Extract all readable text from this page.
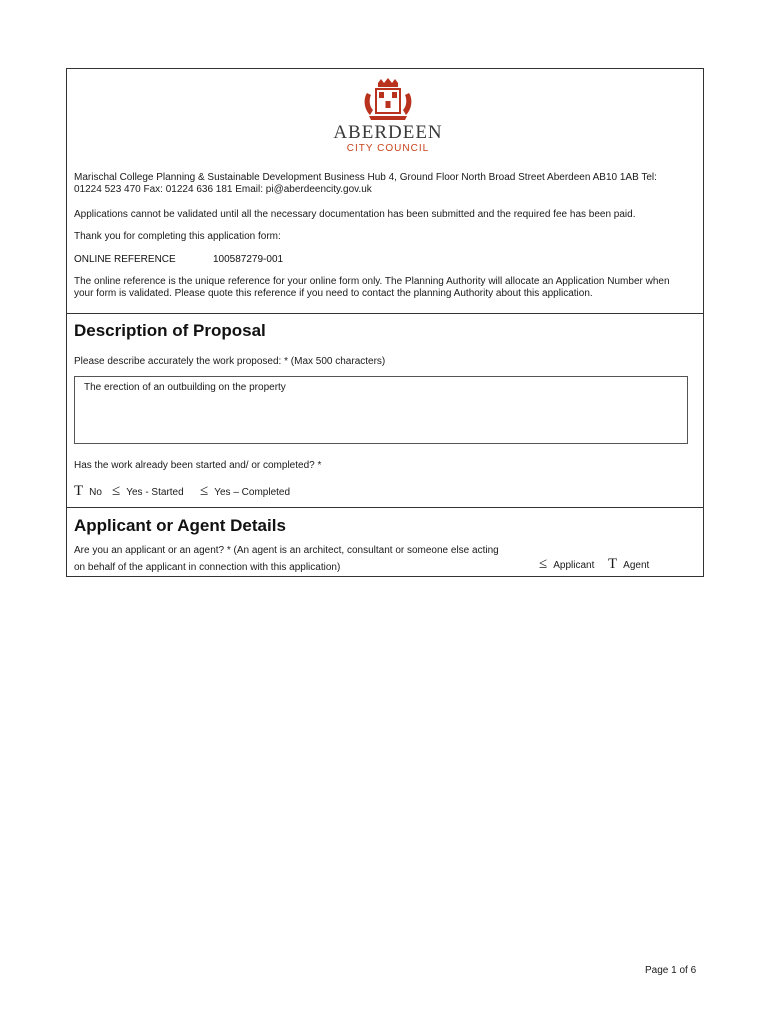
ABERDEEN
CITY COUNCIL
Marischal College Planning & Sustainable Development Business Hub 4, Ground Floor North Broad Street Aberdeen AB10 1AB Tel:
01224 523 470 Fax: 01224 636 181 Email: pi@aberdeencity.gov.uk
Applications cannot be validated until all the necessary documentation has been submitted and the required fee has been paid.
Thank you for completing this application form:
ONLINE REFERENCE	100587279-001
The online reference is the unique reference for your online form only. The Planning Authority will allocate an Application Number when
your form is validated. Please quote this reference if you need to contact the planning Authority about this application.
Description of Proposal
Please describe accurately the work proposed: * (Max 500 characters)
The erection of an outbuilding on the property
Has the work already been started and/ or completed? *
T No ≤ Yes - Started ≤ Yes – Completed
Applicant or Agent Details
Are you an applicant or an agent? * (An agent is an architect, consultant or someone else acting
on behalf of the applicant in connection with this application)	≤ Applicant T Agent
Page 1 of 6
